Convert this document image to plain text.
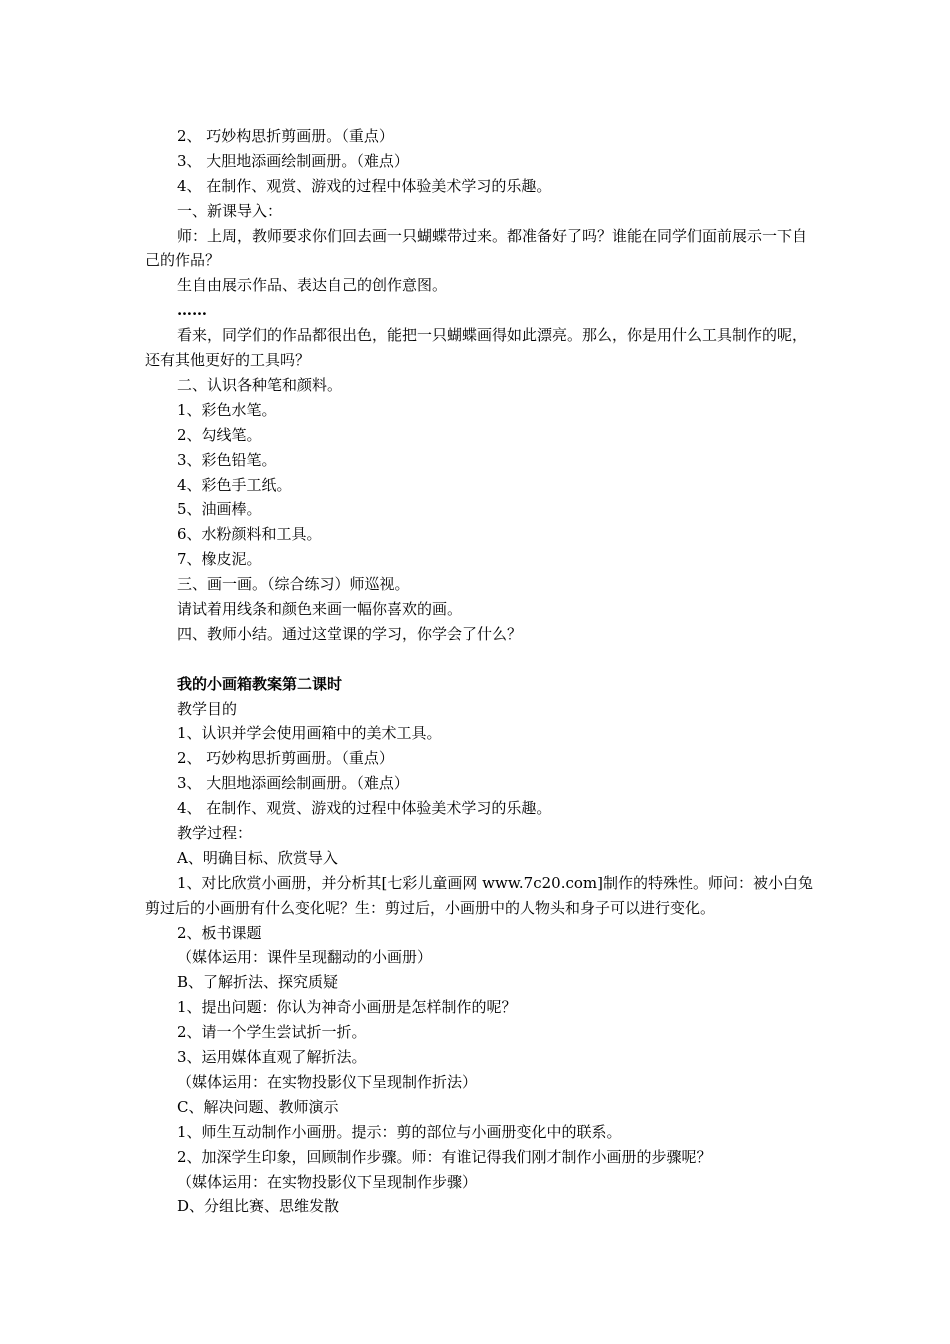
2、 巧妙构思折剪画册。（重点）
3、 大胆地添画绘制画册。（难点）
4、 在制作、观赏、游戏的过程中体验美术学习的乐趣。
一、新课导入：
师：上周，教师要求你们回去画一只蝴蝶带过来。都准备好了吗？谁能在同学们面前展示一下自己的作品？
生自由展示作品、表达自己的创作意图。
……
看来，同学们的作品都很出色，能把一只蝴蝶画得如此漂亮。那么，你是用什么工具制作的呢，还有其他更好的工具吗？
二、认识各种笔和颜料。
1、彩色水笔。
2、勾线笔。
3、彩色铅笔。
4、彩色手工纸。
5、油画棒。
6、水粉颜料和工具。
7、橡皮泥。
三、画一画。（综合练习）师巡视。
请试着用线条和颜色来画一幅你喜欢的画。
四、教师小结。通过这堂课的学习，你学会了什么？
我的小画箱教案第二课时
教学目的
1、认识并学会使用画箱中的美术工具。
2、 巧妙构思折剪画册。（重点）
3、 大胆地添画绘制画册。（难点）
4、 在制作、观赏、游戏的过程中体验美术学习的乐趣。
教学过程：
A、明确目标、欣赏导入
1、对比欣赏小画册，并分析其[七彩儿童画网 www.7c20.com]制作的特殊性。师问：被小白兔剪过后的小画册有什么变化呢？生：剪过后，小画册中的人物头和身子可以进行变化。
2、板书课题
（媒体运用：课件呈现翻动的小画册）
B、了解折法、探究质疑
1、提出问题：你认为神奇小画册是怎样制作的呢？
2、请一个学生尝试折一折。
3、运用媒体直观了解折法。
（媒体运用：在实物投影仪下呈现制作折法）
C、解决问题、教师演示
1、师生互动制作小画册。提示：剪的部位与小画册变化中的联系。
2、加深学生印象，回顾制作步骤。师：有谁记得我们刚才制作小画册的步骤呢？
（媒体运用：在实物投影仪下呈现制作步骤）
D、分组比赛、思维发散
